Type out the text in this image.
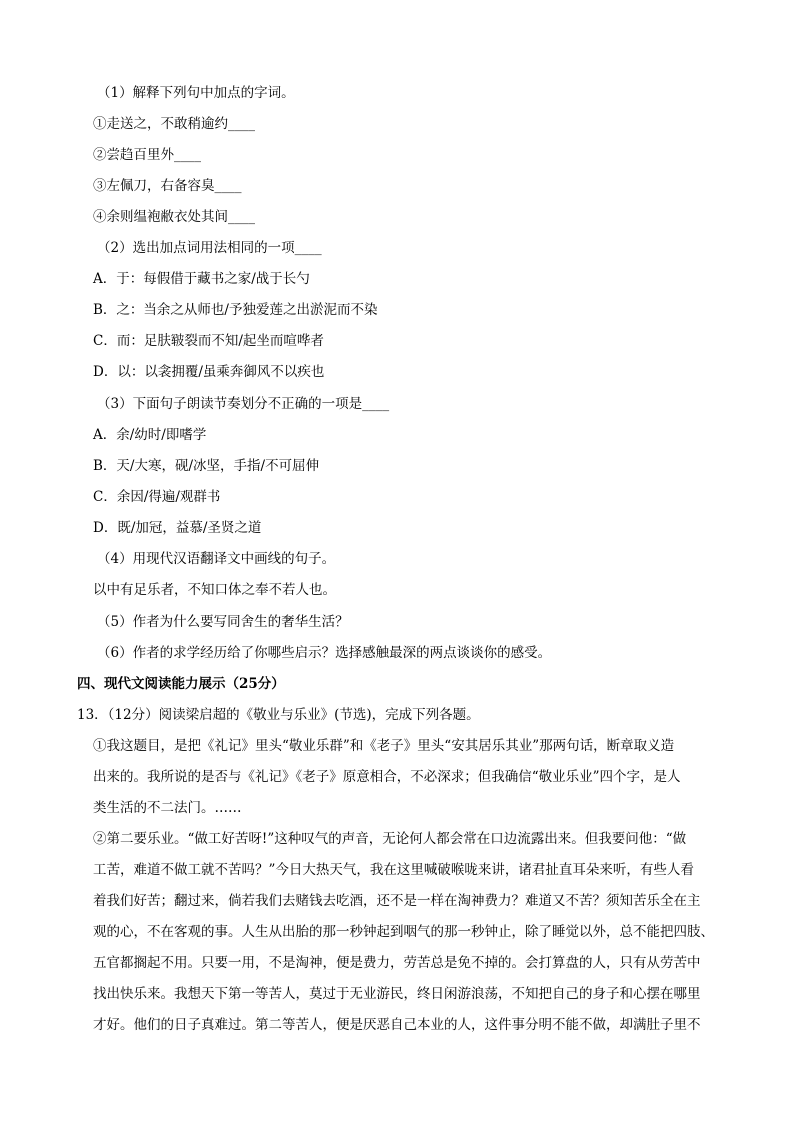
（1）解释下列句中加点的字词。
①走送之，不敢稍逾约____
②尝趋百里外____
③左佩刀，右备容臭____
④余则缊袍敝衣处其间____
（2）选出加点词用法相同的一项____
A．于：每假借于藏书之家/战于长勺
B．之：当余之从师也/予独爱莲之出淤泥而不染
C．而：足肤皲裂而不知/起坐而喧哗者
D．以：以衾拥覆/虽乘奔御风不以疾也
（3）下面句子朗读节奏划分不正确的一项是____
A．余/幼时/即嗜学
B．天/大寒，砚/冰坚，手指/不可屈伸
C．余因/得遍/观群书
D．既/加冠，益慕/圣贤之道
（4）用现代汉语翻译文中画线的句子。
以中有足乐者，不知口体之奉不若人也。
（5）作者为什么要写同舍生的奢华生活？
（6）作者的求学经历给了你哪些启示？选择感触最深的两点谈谈你的感受。
四、现代文阅读能力展示（25分）
13．（12分）阅读梁启超的《敬业与乐业》(节选)，完成下列各题。
①我这题目，是把《礼记》里头“敬业乐群”和《老子》里头“安其居乐其业”那两句话，断章取义造
出来的。我所说的是否与《礼记》《老子》原意相合，不必深求；但我确信“敬业乐业”四个字，是人
类生活的不二法门。……
②第二要乐业。“做工好苦呀!”这种叹气的声音，无论何人都会常在口边流露出来。但我要问他：“做
工苦，难道不做工就不苦吗？”今日大热天气，我在这里喊破喉咙来讲，诸君扯直耳朵来听，有些人看
着我们好苦；翻过来，倘若我们去赌钱去吃酒，还不是一样在淘神费力？难道又不苦？须知苦乐全在主
观的心，不在客观的事。人生从出胎的那一秒钟起到咽气的那一秒钟止，除了睡觉以外，总不能把四肢、
五官都搁起不用。只要一用，不是淘神，便是费力，劳苦总是免不掉的。会打算盘的人，只有从劳苦中
找出快乐来。我想天下第一等苦人，莫过于无业游民，终日闲游浪荡，不知把自己的身子和心摆在哪里
才好。他们的日子真难过。第二等苦人，便是厌恶自己本业的人，这件事分明不能不做，却满肚子里不
